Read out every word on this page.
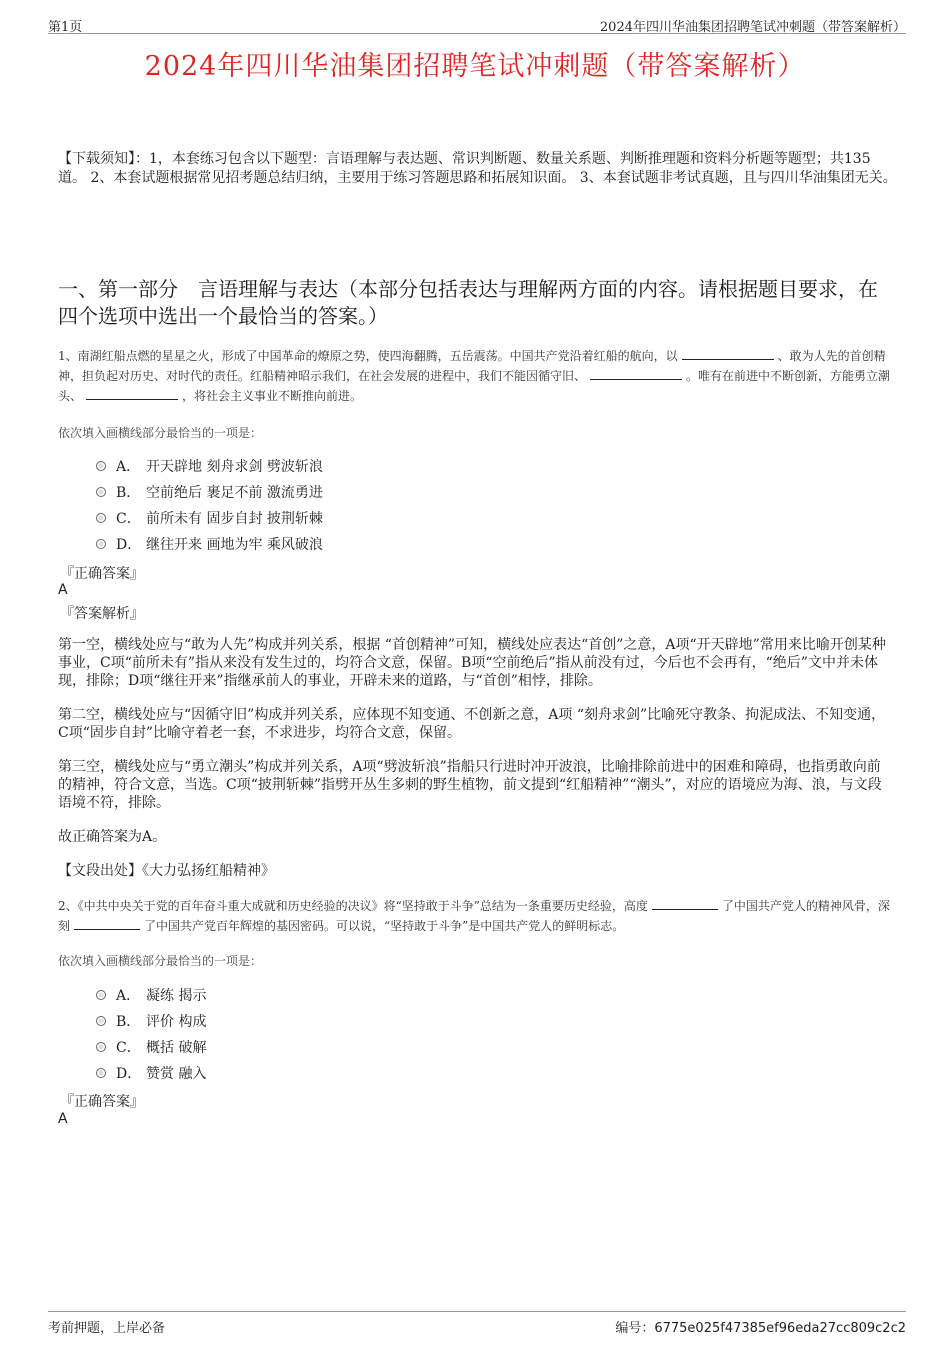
第1页	2024年四川华油集团招聘笔试冲刺题（带答案解析）
2024年四川华油集团招聘笔试冲刺题（带答案解析）
【下载须知】：1，本套练习包含以下题型：言语理解与表达题、常识判断题、数量关系题、判断推理题和资料分析题等题型；共135道。 2、本套试题根据常见招考题总结归纳，主要用于练习答题思路和拓展知识面。 3、本套试题非考试真题，且与四川华油集团无关。
一、第一部分　言语理解与表达（本部分包括表达与理解两方面的内容。请根据题目要求，在四个选项中选出一个最恰当的答案。）
1、南湖红船点燃的星星之火，形成了中国革命的燎原之势，使四海翻腾，五岳震荡。中国共产党沿着红船的航向，以	、敢为人先的首创精神，担负起对历史、对时代的责任。红船精神昭示我们，在社会发展的进程中，我们不能因循守旧、	。唯有在前进中不断创新，方能勇立潮头、	，将社会主义事业不断推向前进。
依次填入画横线部分最恰当的一项是：
A． 开天辟地 刻舟求剑 劈波斩浪
B． 空前绝后 裹足不前 激流勇进
C． 前所未有 固步自封 披荆斩棘
D． 继往开来 画地为牢 乘风破浪
『正确答案』
A
『答案解析』
第一空，横线处应与“敢为人先”构成并列关系，根据 “首创精神”可知，横线处应表达“首创”之意，A项“开天辟地”常用来比喻开创某种事业，C项“前所未有”指从来没有发生过的，均符合文意，保留。B项“空前绝后”指从前没有过，今后也不会再有，“绝后”文中并未体现，排除；D项“继往开来”指继承前人的事业，开辟未来的道路，与“首创”相悖，排除。
第二空，横线处应与“因循守旧”构成并列关系，应体现不知变通、不创新之意，A项 “刻舟求剑”比喻死守教条、拘泥成法、不知变通，C项“固步自封”比喻守着老一套，不求进步，均符合文意，保留。
第三空，横线处应与“勇立潮头”构成并列关系，A项“劈波斩浪”指船只行进时冲开波浪，比喻排除前进中的困难和障碍，也指勇敢向前的精神，符合文意，当选。C项“披荆斩棘”指劈开丛生多刺的野生植物，前文提到“红船精神”“潮头”，对应的语境应为海、浪，与文段语境不符，排除。
故正确答案为A。
【文段出处】《大力弘扬红船精神》
2、《中共中央关于党的百年奋斗重大成就和历史经验的决议》将“坚持敢于斗争”总结为一条重要历史经验，高度	了中国共产党人的精神风骨，深刻	了中国共产党百年辉煌的基因密码。可以说，“坚持敢于斗争”是中国共产党人的鲜明标志。
依次填入画横线部分最恰当的一项是：
A． 凝练 揭示
B． 评价 构成
C． 概括 破解
D． 赞赏 融入
『正确答案』
A
考前押题，上岸必备	编号：6775e025f47385ef96eda27cc809c2c2
